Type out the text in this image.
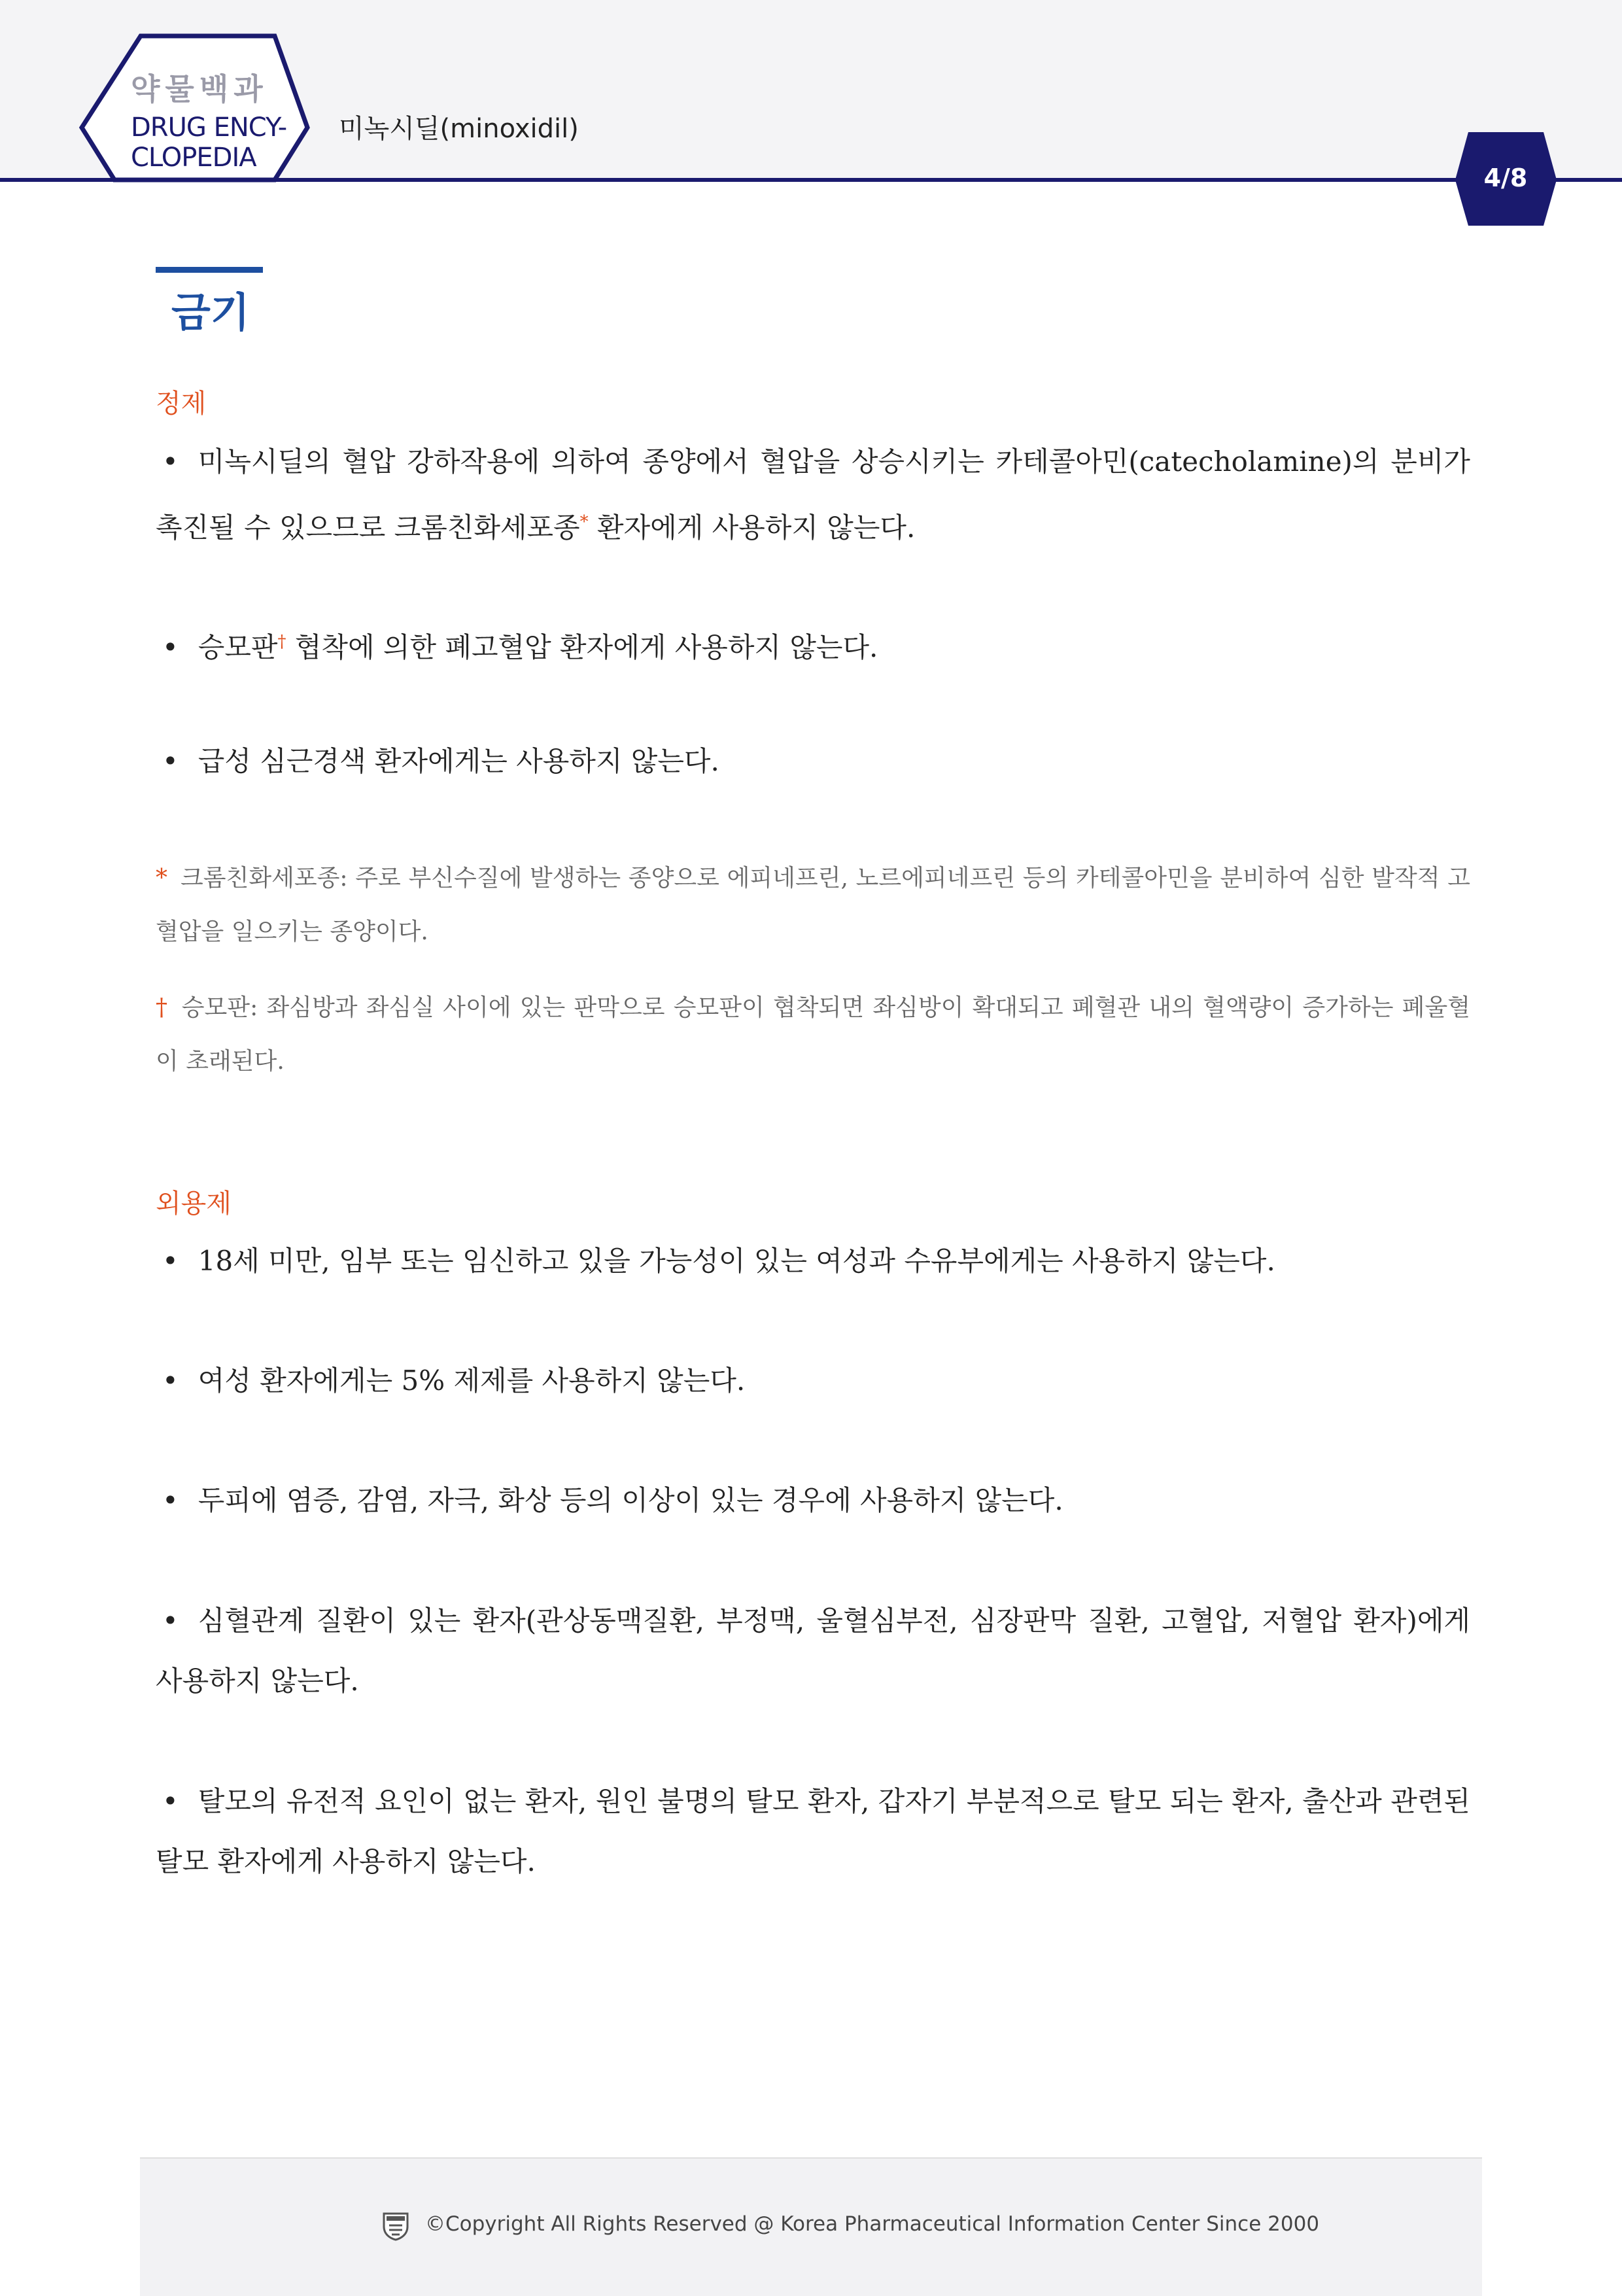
약물백과
DRUG ENCY-
CLOPEDIA
미녹시딜(minoxidil)
4/8
금기
정제
• 미녹시딜의 혈압 강하작용에 의하여 종양에서 혈압을 상승시키는 카테콜아민(catecholamine)의 분비가 촉진될 수 있으므로 크롬친화세포종* 환자에게 사용하지 않는다.
• 승모판† 협착에 의한 폐고혈압 환자에게 사용하지 않는다.
• 급성 심근경색 환자에게는 사용하지 않는다.
* 크롬친화세포종: 주로 부신수질에 발생하는 종양으로 에피네프린, 노르에피네프린 등의 카테콜아민을 분비하여 심한 발작적 고혈압을 일으키는 종양이다.
† 승모판: 좌심방과 좌심실 사이에 있는 판막으로 승모판이 협착되면 좌심방이 확대되고 폐혈관 내의 혈액량이 증가하는 폐울혈이 초래된다.
외용제
• 18세 미만, 임부 또는 임신하고 있을 가능성이 있는 여성과 수유부에게는 사용하지 않는다.
• 여성 환자에게는 5% 제제를 사용하지 않는다.
• 두피에 염증, 감염, 자극, 화상 등의 이상이 있는 경우에 사용하지 않는다.
• 심혈관계 질환이 있는 환자(관상동맥질환, 부정맥, 울혈심부전, 심장판막 질환, 고혈압, 저혈압 환자)에게 사용하지 않는다.
• 탈모의 유전적 요인이 없는 환자, 원인 불명의 탈모 환자, 갑자기 부분적으로 탈모 되는 환자, 출산과 관련된 탈모 환자에게 사용하지 않는다.
©Copyright All Rights Reserved @ Korea Pharmaceutical Information Center Since 2000
